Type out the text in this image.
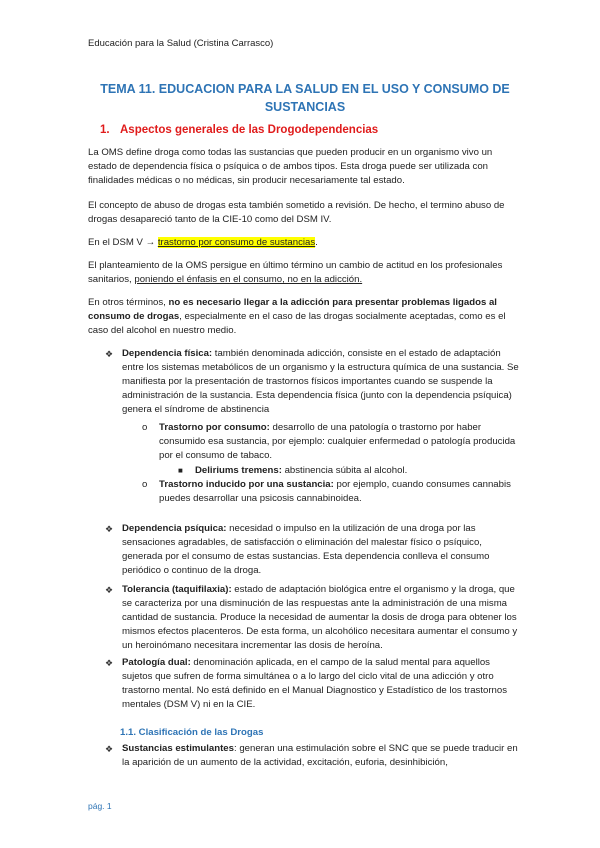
Educación para la Salud (Cristina Carrasco)
TEMA 11. EDUCACION PARA LA SALUD EN EL USO Y CONSUMO DE
SUSTANCIAS
1. Aspectos generales de las Drogodependencias
La OMS define droga como todas las sustancias que pueden producir en un organismo vivo un estado de dependencia física o psíquica o de ambos tipos. Esta droga puede ser utilizada con finalidades médicas o no médicas, sin producir necesariamente tal estado.
El concepto de abuso de drogas esta también sometido a revisión. De hecho, el termino abuso de drogas desapareció tanto de la CIE-10 como del DSM IV.
En el DSM V → trastorno por consumo de sustancias.
El planteamiento de la OMS persigue en último término un cambio de actitud en los profesionales sanitarios, poniendo el énfasis en el consumo, no en la adicción.
En otros términos, no es necesario llegar a la adicción para presentar problemas ligados al consumo de drogas, especialmente en el caso de las drogas socialmente aceptadas, como es el caso del alcohol en nuestro medio.
❖ Dependencia física: también denominada adicción, consiste en el estado de adaptación entre los sistemas metabólicos de un organismo y la estructura química de una sustancia. Se manifiesta por la presentación de trastornos físicos importantes cuando se suspende la administración de la sustancia. Esta dependencia física (junto con la dependencia psíquica) genera el síndrome de abstinencia
o Trastorno por consumo: desarrollo de una patología o trastorno por haber consumido esa sustancia, por ejemplo: cualquier enfermedad o patología producida por el consumo de tabaco.
■ Deliriums tremens: abstinencia súbita al alcohol.
o Trastorno inducido por una sustancia: por ejemplo, cuando consumes cannabis puedes desarrollar una psicosis cannabinoidea.
❖ Dependencia psíquica: necesidad o impulso en la utilización de una droga por las sensaciones agradables, de satisfacción o eliminación del malestar físico o psíquico, generada por el consumo de estas sustancias. Esta dependencia conlleva el consumo periódico o continuo de la droga.
❖ Tolerancia (taquifilaxia): estado de adaptación biológica entre el organismo y la droga, que se caracteriza por una disminución de las respuestas ante la administración de una misma cantidad de sustancia. Produce la necesidad de aumentar la dosis de droga para obtener los mismos efectos placenteros. De esta forma, un alcohólico necesitara aumentar el consumo y un heroinómano necesitara incrementar las dosis de heroína.
❖ Patología dual: denominación aplicada, en el campo de la salud mental para aquellos sujetos que sufren de forma simultánea o a lo largo del ciclo vital de una adicción y otro trastorno mental. No está definido en el Manual Diagnostico y Estadístico de los trastornos mentales (DSM V) ni en la CIE.
1.1. Clasificación de las Drogas
❖ Sustancias estimulantes: generan una estimulación sobre el SNC que se puede traducir en la aparición de un aumento de la actividad, excitación, euforia, desinhibición,
pág. 1
